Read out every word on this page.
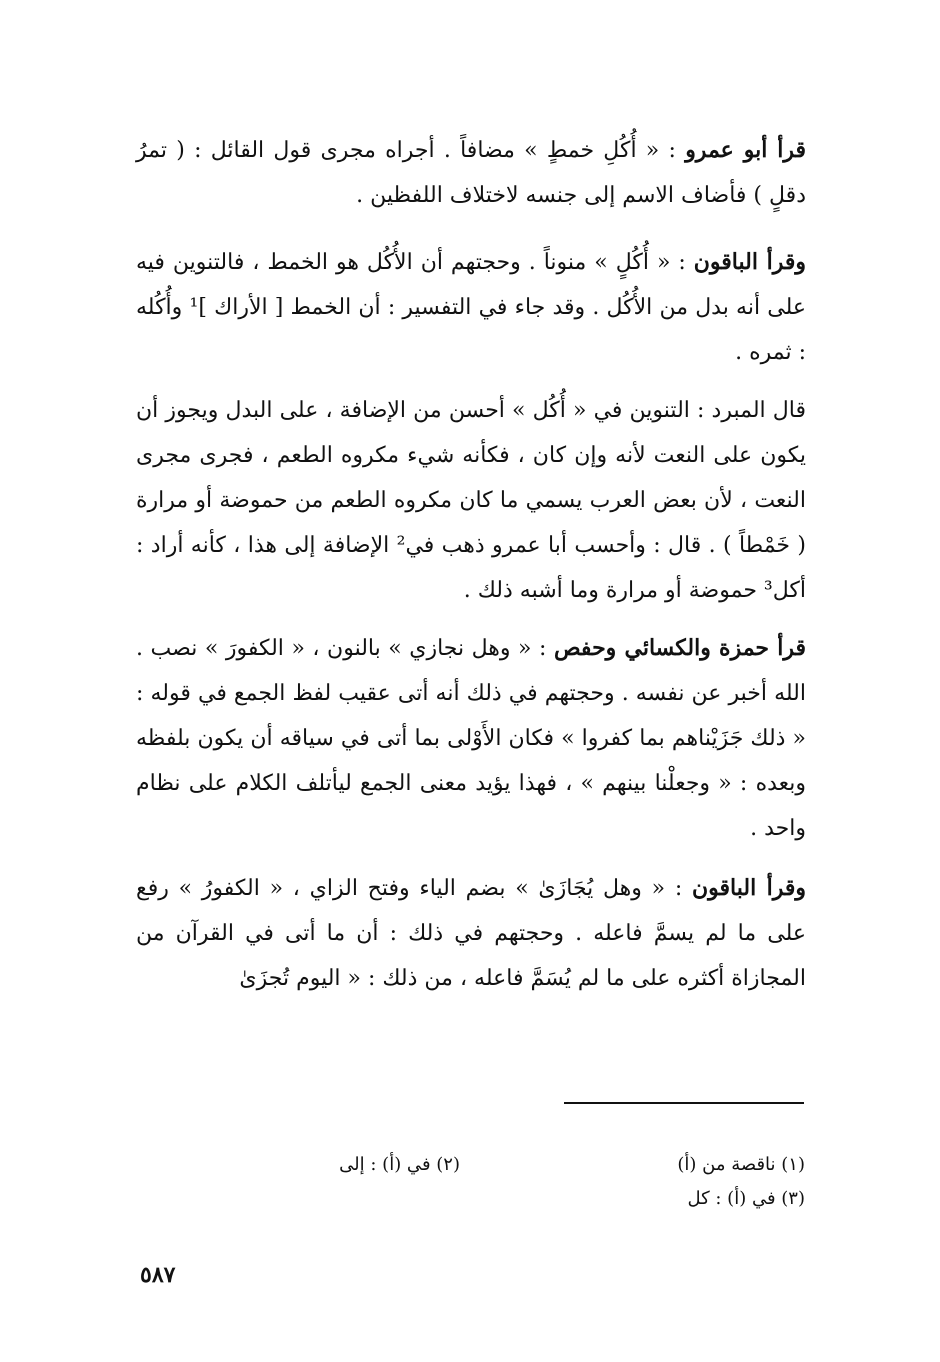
قرأ أبو عمرو : « أُكُلِ خمطٍ » مضافاً . أجراه مجرى قول القائل : ( تمرُ دقلٍ ) فأضاف الاسم إلى جنسه لاختلاف اللفظين .

وقرأ الباقون : « أُكُلٍ » منوناً . وحجتهم أن الأُكُل هو الخمط ، فالتنوين فيه على أنه بدل من الأُكُل . وقد جاء في التفسير : أن الخمط [ الأراك ]¹ وأُكُله : ثمره .

قال المبرد : التنوين في « أُكُل » أحسن من الإضافة ، على البدل ويجوز أن يكون على النعت لأنه وإن كان ، فكأنه شيء مكروه الطعم ، فجرى مجرى النعت ، لأن بعض العرب يسمي ما كان مكروه الطعم من حموضة أو مرارة ( خَمْطاً ) . قال : وأحسب أبا عمرو ذهب في² الإضافة إلى هذا ، كأنه أراد : أكل³ حموضة أو مرارة وما أشبه ذلك .

قرأ حمزة والكسائي وحفص : « وهل نجازي » بالنون ، « الكفورَ » نصب . الله أخبر عن نفسه . وحجتهم في ذلك أنه أتى عقيب لفظ الجمع في قوله : « ذلك جَزَيْناهم بما كفروا » فكان الأَوْلى بما أتى في سياقه أن يكون بلفظه وبعده : « وجعلْنا بينهم » ، فهذا يؤيد معنى الجمع ليأتلف الكلام على نظام واحد .

وقرأ الباقون : « وهل يُجَازَىٰ » بضم الياء وفتح الزاي ، « الكفورُ » رفع على ما لم يسمَّ فاعله . وحجتهم في ذلك : أن ما أتى في القرآن من المجازاة أكثره على ما لم يُسَمَّ فاعله ، من ذلك : « اليوم تُجزَىٰ

(١) ناقصة من (أ)
(٣) في (أ) : كل
(٢) في (أ) : إلى
٥٨٧
